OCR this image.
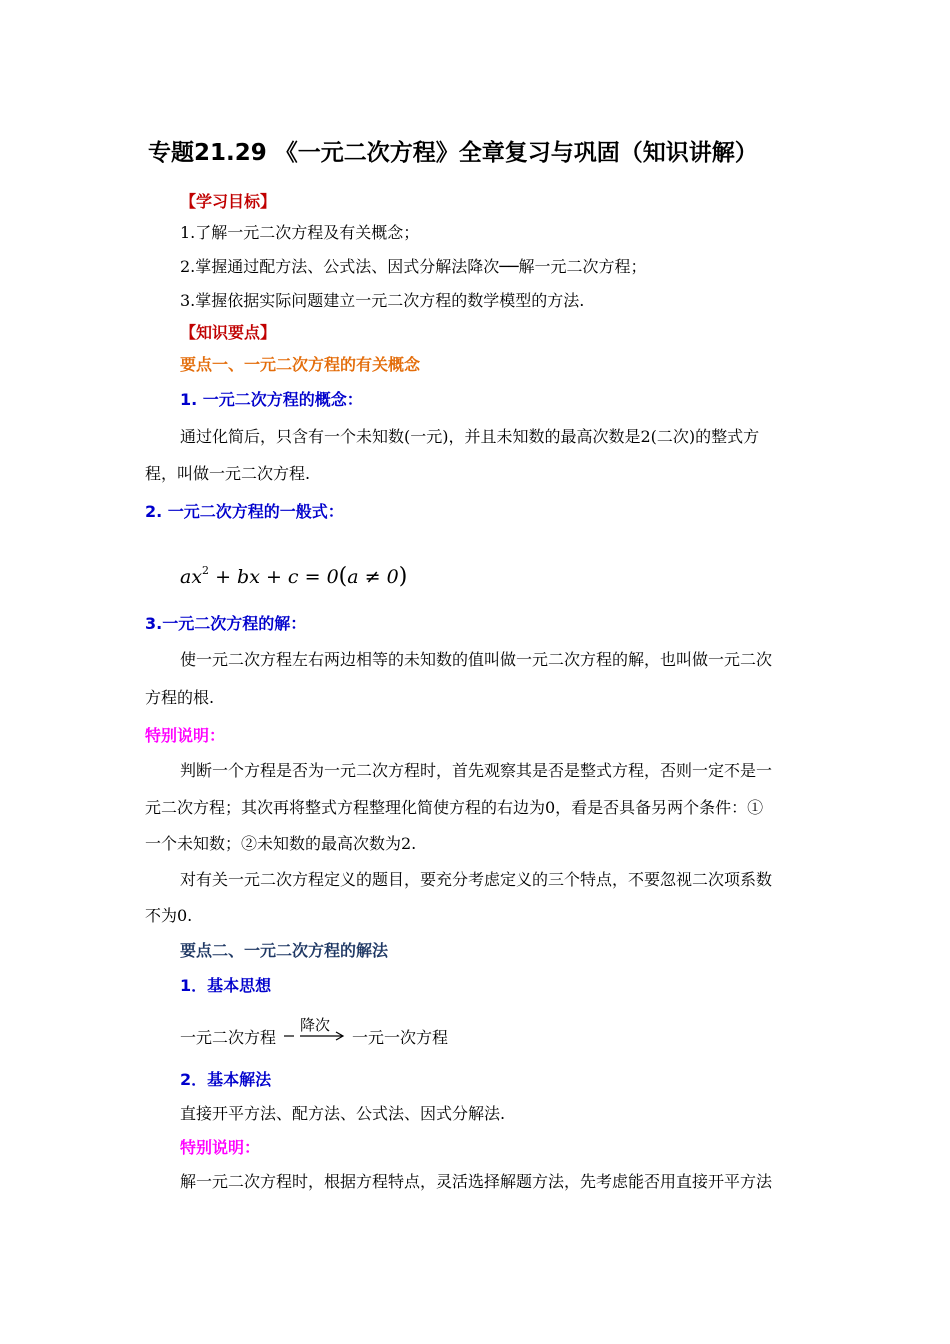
专题21.29 《一元二次方程》全章复习与巩固（知识讲解）
【学习目标】
1.了解一元二次方程及有关概念；
2.掌握通过配方法、公式法、因式分解法降次──解一元二次方程；
3.掌握依据实际问题建立一元二次方程的数学模型的方法.
【知识要点】
要点一、一元二次方程的有关概念
1. 一元二次方程的概念：
通过化简后，只含有一个未知数(一元)，并且未知数的最高次数是2(二次)的整式方
程，叫做一元二次方程.
2. 一元二次方程的一般式：
$ax^2$ + bx + c = 0(a ≠ 0)
3.一元二次方程的解：
使一元二次方程左右两边相等的未知数的值叫做一元二次方程的解，也叫做一元二次
方程的根.
特别说明：
判断一个方程是否为一元二次方程时，首先观察其是否是整式方程，否则一定不是一
元二次方程；其次再将整式方程整理化简使方程的右边为0，看是否具备另两个条件：①
一个未知数；②未知数的最高次数为2.
对有关一元二次方程定义的题目，要充分考虑定义的三个特点，不要忽视二次项系数
不为0.
要点二、一元二次方程的解法
1．基本思想
一元二次方程
降次
一元一次方程
2．基本解法
直接开平方法、配方法、公式法、因式分解法.
特别说明：
解一元二次方程时，根据方程特点，灵活选择解题方法，先考虑能否用直接开平方法
